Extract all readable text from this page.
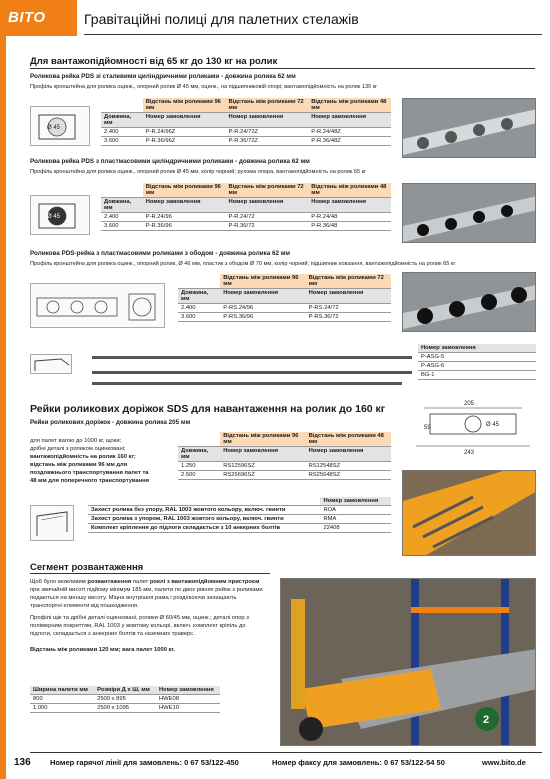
BITO	Гравітаційні полиці для палетних стелажів
Для вантажопідйомності від 65 кг до 130 кг на ролик
Роликова рейка PDS зі сталевими циліндричними роликами - довжина ролика 62 мм
Профіль кронштейна для ролика оцинк., опорний ролик Ø 45 мм, оцинк., на підшипниковій опорі; вантажопідйомність на ролик 130 кг
Ø 45
	Відстань між роликами 96 мм	Відстань між роликами 72 мм	Відстань між роликами 48 мм
Довжина, мм	Номер замовлення	Номер замовлення	Номер замовлення
2.400	P-R.24/96Z	P-R.24/72Z	P-R.24/48Z
3.600	P-R.36/96Z	P-R.36/72Z	P-R.36/48Z
Роликова рейка PDS з пластмасовими циліндричними роликами - довжина ролика 62 мм
Профіль кронштейна для ролика оцинк., опорний ролик Ø 45 мм, колір чорний; рухома опора, вантажопідйомність на ролик 65 кг
Ø 45
	Відстань між роликами 96 мм	Відстань між роликами 72 мм	Відстань між роликами 48 мм
Довжина, мм	Номер замовлення	Номер замовлення	Номер замовлення
2.400	P-R.24/96	P-R.24/72	P-R.24/48
3.600	P-R.36/96	P-R.36/72	P-R.36/48
Роликова PDS-рейка з пластмасовими роликами з ободом - довжина ролика 62 мм
Профіль кронштейна для ролика оцинк., опорний ролик, Ø 46 мм, пластик з ободом Ø 70 мм, колір чорний; підшипник ковзання, вантажопідйомність на ролик 65 кг
	Відстань між роликами 96 мм	Відстань між роликами 72 мм
Довжина, мм	Номер замовлення	Номер замовлення
2.400	P-RS.24/96	P-RS.24/72
3.600	P-RS.36/96	P-RS.36/72
Номер замовлення
P-ASG-5
P-ASG-6
BG-1
Рейки роликових доріжок SDS для навантаження на ролик до 160 кг
Рейки роликових доріжок - довжина ролика 205 мм
для палет вагою до 1000 кг, щоки;
дрібні деталі з роликом оцинковані;
вантажопідйомність на ролик 160 кг;
відстань між роликами 96 мм для
поздовжнього транспортування палет та
48 мм для поперечного транспортування
	Відстань між роликами 96 мм	Відстань між роликами 48 мм
Довжина, мм	Номер замовлення	Номер замовлення
1.250	RS12596SZ	RS12548SZ
2.500	RS25696SZ	RS25648SZ
205
59	Ø 45
243
	Номер замовлення
Захист ролика без упору, RAL 1003 жовтого кольору, включ. гвинти	ROA
Захист ролика з упором, RAL 1003 жовтого кольору, включ. гвинти	RMA
Комплект кріплення до підлоги складається з 10 анкерних болтів	22408
Сегмент розвантаження
Щоб було можливим розвантаження палет роклі з вантажопідйомним пристроєм при звичайній висоті підйому мінімум 185 мм, палети по двох рівнях рейок з роликами подаються на меншу висоту. Міцна внутрішня рама і розділюючи захищають транспортні елементи від пошкодження.
Профілі щік та дрібні деталі оцинковані, ролики Ø 60/45 мм, оцинк.; деталі опор з полімерним покриттям, RAL 1003 у жовтому кольорі, включ. комплект кріпіль до підлоги, складається з анкерних болтів та наземних траверс.
Відстань між роликами 120 мм; вага палет 1000 кг.
Ширина палети мм	Розміри Д x Ш, мм	Номер замовлення
800	2500 x 895	HWE08
1.000	2500 x 1095	HWE10
2
136	Номер гарячої лінії для замовлень: 0 67 53/122-450	Номер факсу для замовлень: 0 67 53/122-54 50	www.bito.de
